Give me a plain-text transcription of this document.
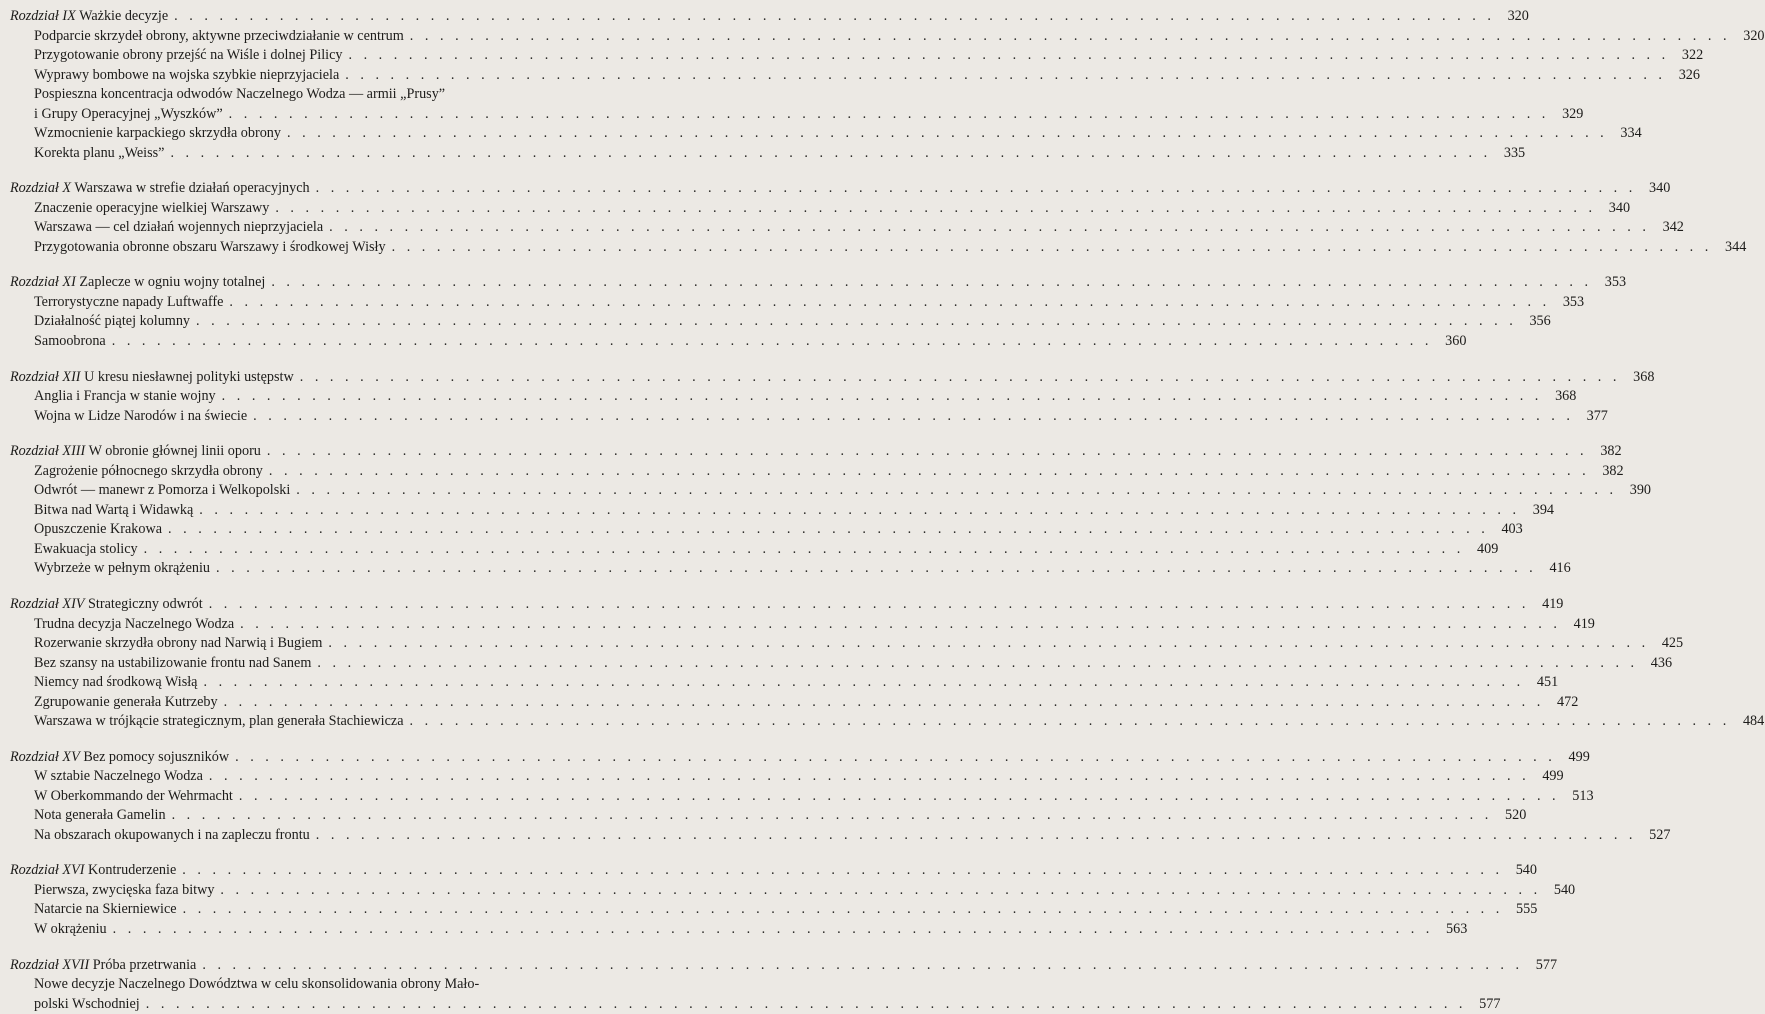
Rozdział IX Ważkie decyzje . . . . . . . . . . . . . . . . . . . . . . . . . . . . . . . . . . . . . . . . . . . . . . . . . . . . . . . . . . . . . . . . . . . . . . . . . . . . . . . . . . . . . . . . 320
Podparcie skrzydeł obrony, aktywne przeciwdziałanie w centrum . . . . . . . . . . . . . . . . . . . . . . . . . . . . . . . . . . . . . . . . . . . . . . . . . . . . . . . . . . . . . . . . . . . . . . . . . . . . . . . . . . . . . . . . 320
Przygotowanie obrony przejść na Wiśle i dolnej Pilicy . . . . . . . . . . . . . . . . . . . . . . . . . . . . . . . . . . . . . . . . . . . . . . . . . . . . . . . . . . . . . . . . . . . . . . . . . . . . . . . . . . . . . . . . 322
Wyprawy bombowe na wojska szybkie nieprzyjaciela . . . . . . . . . . . . . . . . . . . . . . . . . . . . . . . . . . . . . . . . . . . . . . . . . . . . . . . . . . . . . . . . . . . . . . . . . . . . . . . . . . . . . . . . 326
Pospieszna koncentracja odwodów Naczelnego Wodza — armii „Prusy”
i Grupy Operacyjnej „Wyszków” . . . . . . . . . . . . . . . . . . . . . . . . . . . . . . . . . . . . . . . . . . . . . . . . . . . . . . . . . . . . . . . . . . . . . . . . . . . . . . . . . . . . . . . . 329
Wzmocnienie karpackiego skrzydła obrony . . . . . . . . . . . . . . . . . . . . . . . . . . . . . . . . . . . . . . . . . . . . . . . . . . . . . . . . . . . . . . . . . . . . . . . . . . . . . . . . . . . . . . . . 334
Korekta planu „Weiss” . . . . . . . . . . . . . . . . . . . . . . . . . . . . . . . . . . . . . . . . . . . . . . . . . . . . . . . . . . . . . . . . . . . . . . . . . . . . . . . . . . . . . . . . 335
Rozdział X Warszawa w strefie działań operacyjnych . . . . . . . . . . . . . . . . . . . . . . . . . . . . . . . . . . . . . . . . . . . . . . . . . . . . . . . . . . . . . . . . . . . . . . . . . . . . . . . . . . . . . . . . 340
Znaczenie operacyjne wielkiej Warszawy . . . . . . . . . . . . . . . . . . . . . . . . . . . . . . . . . . . . . . . . . . . . . . . . . . . . . . . . . . . . . . . . . . . . . . . . . . . . . . . . . . . . . . . . 340
Warszawa — cel działań wojennych nieprzyjaciela . . . . . . . . . . . . . . . . . . . . . . . . . . . . . . . . . . . . . . . . . . . . . . . . . . . . . . . . . . . . . . . . . . . . . . . . . . . . . . . . . . . . . . . . 342
Przygotowania obronne obszaru Warszawy i środkowej Wisły . . . . . . . . . . . . . . . . . . . . . . . . . . . . . . . . . . . . . . . . . . . . . . . . . . . . . . . . . . . . . . . . . . . . . . . . . . . . . . . . . . . . . . . . 344
Rozdział XI Zaplecze w ogniu wojny totalnej . . . . . . . . . . . . . . . . . . . . . . . . . . . . . . . . . . . . . . . . . . . . . . . . . . . . . . . . . . . . . . . . . . . . . . . . . . . . . . . . . . . . . . . . 353
Terrorystyczne napady Luftwaffe . . . . . . . . . . . . . . . . . . . . . . . . . . . . . . . . . . . . . . . . . . . . . . . . . . . . . . . . . . . . . . . . . . . . . . . . . . . . . . . . . . . . . . . . 353
Działalność piątej kolumny . . . . . . . . . . . . . . . . . . . . . . . . . . . . . . . . . . . . . . . . . . . . . . . . . . . . . . . . . . . . . . . . . . . . . . . . . . . . . . . . . . . . . . . . 356
Samoobrona . . . . . . . . . . . . . . . . . . . . . . . . . . . . . . . . . . . . . . . . . . . . . . . . . . . . . . . . . . . . . . . . . . . . . . . . . . . . . . . . . . . . . . . . 360
Rozdział XII U kresu niesławnej polityki ustępstw . . . . . . . . . . . . . . . . . . . . . . . . . . . . . . . . . . . . . . . . . . . . . . . . . . . . . . . . . . . . . . . . . . . . . . . . . . . . . . . . . . . . . . . . 368
Anglia i Francja w stanie wojny . . . . . . . . . . . . . . . . . . . . . . . . . . . . . . . . . . . . . . . . . . . . . . . . . . . . . . . . . . . . . . . . . . . . . . . . . . . . . . . . . . . . . . . . 368
Wojna w Lidze Narodów i na świecie . . . . . . . . . . . . . . . . . . . . . . . . . . . . . . . . . . . . . . . . . . . . . . . . . . . . . . . . . . . . . . . . . . . . . . . . . . . . . . . . . . . . . . . . 377
Rozdział XIII W obronie głównej linii oporu . . . . . . . . . . . . . . . . . . . . . . . . . . . . . . . . . . . . . . . . . . . . . . . . . . . . . . . . . . . . . . . . . . . . . . . . . . . . . . . . . . . . . . . . 382
Zagrożenie północnego skrzydła obrony . . . . . . . . . . . . . . . . . . . . . . . . . . . . . . . . . . . . . . . . . . . . . . . . . . . . . . . . . . . . . . . . . . . . . . . . . . . . . . . . . . . . . . . . 382
Odwrót — manewr z Pomorza i Welkopolski . . . . . . . . . . . . . . . . . . . . . . . . . . . . . . . . . . . . . . . . . . . . . . . . . . . . . . . . . . . . . . . . . . . . . . . . . . . . . . . . . . . . . . . . 390
Bitwa nad Wartą i Widawką . . . . . . . . . . . . . . . . . . . . . . . . . . . . . . . . . . . . . . . . . . . . . . . . . . . . . . . . . . . . . . . . . . . . . . . . . . . . . . . . . . . . . . . . 394
Opuszczenie Krakowa . . . . . . . . . . . . . . . . . . . . . . . . . . . . . . . . . . . . . . . . . . . . . . . . . . . . . . . . . . . . . . . . . . . . . . . . . . . . . . . . . . . . . . . . 403
Ewakuacja stolicy . . . . . . . . . . . . . . . . . . . . . . . . . . . . . . . . . . . . . . . . . . . . . . . . . . . . . . . . . . . . . . . . . . . . . . . . . . . . . . . . . . . . . . . . 409
Wybrzeże w pełnym okrążeniu . . . . . . . . . . . . . . . . . . . . . . . . . . . . . . . . . . . . . . . . . . . . . . . . . . . . . . . . . . . . . . . . . . . . . . . . . . . . . . . . . . . . . . . . 416
Rozdział XIV Strategiczny odwrót . . . . . . . . . . . . . . . . . . . . . . . . . . . . . . . . . . . . . . . . . . . . . . . . . . . . . . . . . . . . . . . . . . . . . . . . . . . . . . . . . . . . . . . . 419
Trudna decyzja Naczelnego Wodza . . . . . . . . . . . . . . . . . . . . . . . . . . . . . . . . . . . . . . . . . . . . . . . . . . . . . . . . . . . . . . . . . . . . . . . . . . . . . . . . . . . . . . . . 419
Rozerwanie skrzydła obrony nad Narwią i Bugiem . . . . . . . . . . . . . . . . . . . . . . . . . . . . . . . . . . . . . . . . . . . . . . . . . . . . . . . . . . . . . . . . . . . . . . . . . . . . . . . . . . . . . . . . 425
Bez szansy na ustabilizowanie frontu nad Sanem . . . . . . . . . . . . . . . . . . . . . . . . . . . . . . . . . . . . . . . . . . . . . . . . . . . . . . . . . . . . . . . . . . . . . . . . . . . . . . . . . . . . . . . . 436
Niemcy nad środkową Wisłą . . . . . . . . . . . . . . . . . . . . . . . . . . . . . . . . . . . . . . . . . . . . . . . . . . . . . . . . . . . . . . . . . . . . . . . . . . . . . . . . . . . . . . . . 451
Zgrupowanie generała Kutrzeby . . . . . . . . . . . . . . . . . . . . . . . . . . . . . . . . . . . . . . . . . . . . . . . . . . . . . . . . . . . . . . . . . . . . . . . . . . . . . . . . . . . . . . . . 472
Warszawa w trójkącie strategicznym, plan generała Stachiewicza . . . . . . . . . . . . . . . . . . . . . . . . . . . . . . . . . . . . . . . . . . . . . . . . . . . . . . . . . . . . . . . . . . . . . . . . . . . . . . . . . . . . . . . . 484
Rozdział XV Bez pomocy sojuszników . . . . . . . . . . . . . . . . . . . . . . . . . . . . . . . . . . . . . . . . . . . . . . . . . . . . . . . . . . . . . . . . . . . . . . . . . . . . . . . . . . . . . . . . 499
W sztabie Naczelnego Wodza . . . . . . . . . . . . . . . . . . . . . . . . . . . . . . . . . . . . . . . . . . . . . . . . . . . . . . . . . . . . . . . . . . . . . . . . . . . . . . . . . . . . . . . . 499
W Oberkommando der Wehrmacht . . . . . . . . . . . . . . . . . . . . . . . . . . . . . . . . . . . . . . . . . . . . . . . . . . . . . . . . . . . . . . . . . . . . . . . . . . . . . . . . . . . . . . . . 513
Nota generała Gamelin . . . . . . . . . . . . . . . . . . . . . . . . . . . . . . . . . . . . . . . . . . . . . . . . . . . . . . . . . . . . . . . . . . . . . . . . . . . . . . . . . . . . . . . . 520
Na obszarach okupowanych i na zapleczu frontu . . . . . . . . . . . . . . . . . . . . . . . . . . . . . . . . . . . . . . . . . . . . . . . . . . . . . . . . . . . . . . . . . . . . . . . . . . . . . . . . . . . . . . . . 527
Rozdział XVI Kontruderzenie . . . . . . . . . . . . . . . . . . . . . . . . . . . . . . . . . . . . . . . . . . . . . . . . . . . . . . . . . . . . . . . . . . . . . . . . . . . . . . . . . . . . . . . . 540
Pierwsza, zwycięska faza bitwy . . . . . . . . . . . . . . . . . . . . . . . . . . . . . . . . . . . . . . . . . . . . . . . . . . . . . . . . . . . . . . . . . . . . . . . . . . . . . . . . . . . . . . . . 540
Natarcie na Skierniewice . . . . . . . . . . . . . . . . . . . . . . . . . . . . . . . . . . . . . . . . . . . . . . . . . . . . . . . . . . . . . . . . . . . . . . . . . . . . . . . . . . . . . . . . 555
W okrążeniu . . . . . . . . . . . . . . . . . . . . . . . . . . . . . . . . . . . . . . . . . . . . . . . . . . . . . . . . . . . . . . . . . . . . . . . . . . . . . . . . . . . . . . . . 563
Rozdział XVII Próba przetrwania . . . . . . . . . . . . . . . . . . . . . . . . . . . . . . . . . . . . . . . . . . . . . . . . . . . . . . . . . . . . . . . . . . . . . . . . . . . . . . . . . . . . . . . . 577
Nowe decyzje Naczelnego Dowództwa w celu skonsolidowania obrony Mało-
polski Wschodniej . . . . . . . . . . . . . . . . . . . . . . . . . . . . . . . . . . . . . . . . . . . . . . . . . . . . . . . . . . . . . . . . . . . . . . . . . . . . . . . . . . . . . . . . 577
